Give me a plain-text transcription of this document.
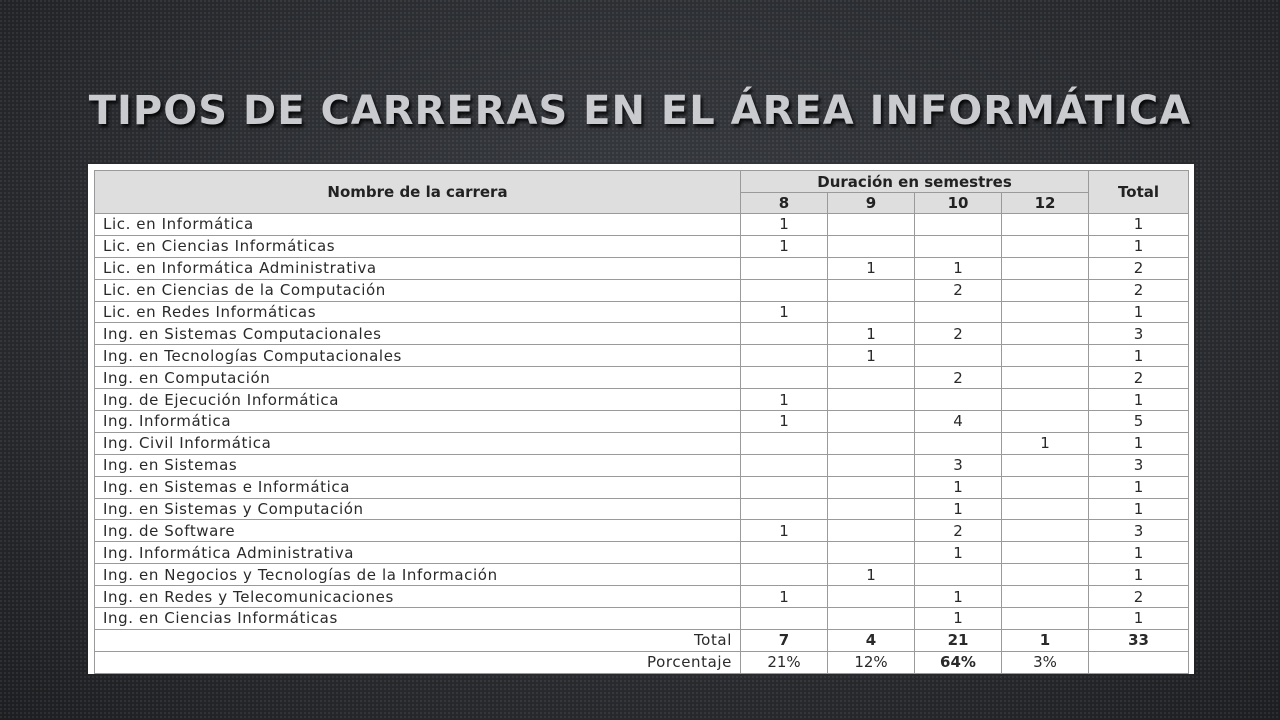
TIPOS DE CARRERAS EN EL ÁREA INFORMÁTICA
Nombre de la carrera	Duración en semestres				Total
	8	9	10	12	
Lic. en Informática	1				1
Lic. en Ciencias Informáticas	1				1
Lic. en Informática Administrativa		1	1		2
Lic. en Ciencias de la Computación			2		2
Lic. en Redes Informáticas	1				1
Ing. en Sistemas Computacionales		1	2		3
Ing. en Tecnologías Computacionales		1			1
Ing. en Computación			2		2
Ing. de Ejecución Informática	1				1
Ing. Informática	1		4		5
Ing. Civil Informática				1	1
Ing. en Sistemas			3		3
Ing. en Sistemas e Informática			1		1
Ing. en Sistemas y Computación			1		1
Ing. de Software	1		2		3
Ing. Informática Administrativa			1		1
Ing. en Negocios y Tecnologías de la Información		1			1
Ing. en Redes y Telecomunicaciones	1		1		2
Ing. en Ciencias Informáticas			1		1
Total	7	4	21	1	33
Porcentaje	21%	12%	64%	3%	
